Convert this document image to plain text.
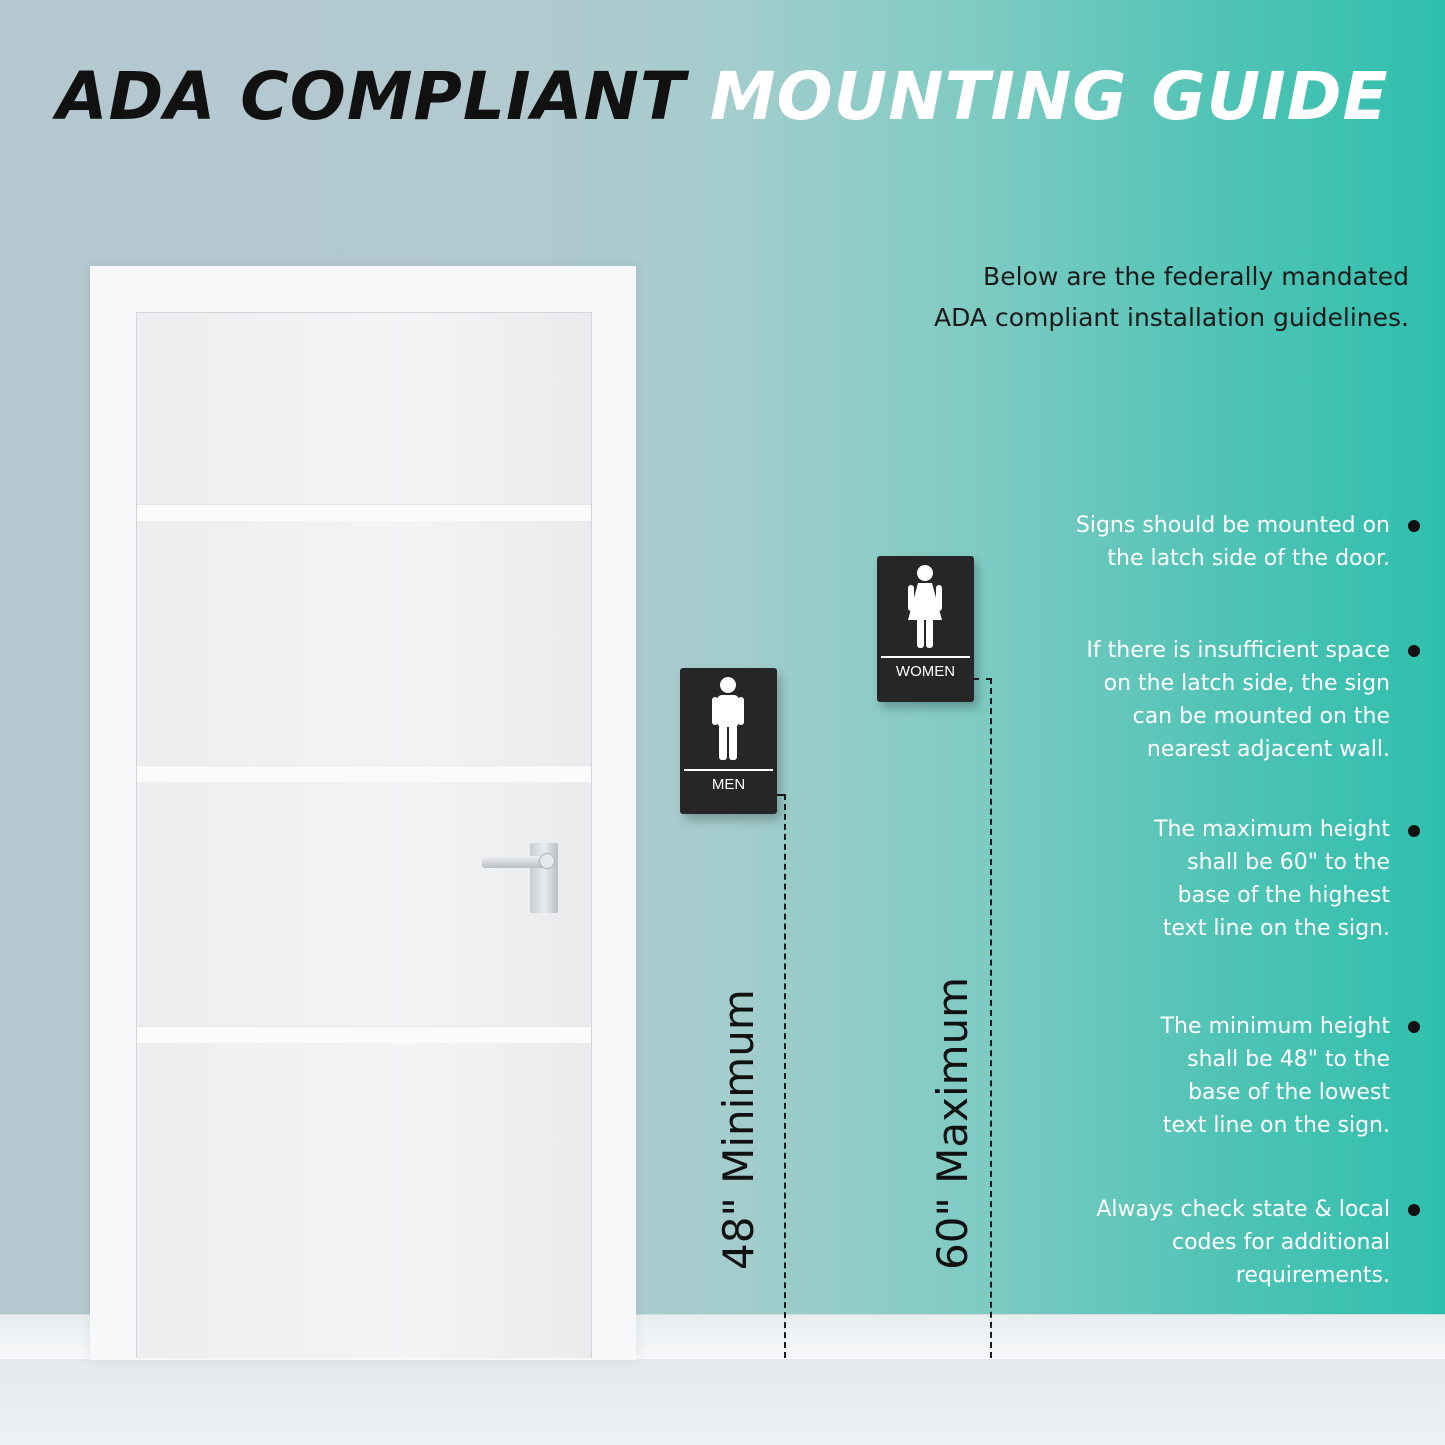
ADA COMPLIANT MOUNTING GUIDE
Below are the federally mandated
ADA compliant installation guidelines.
MEN
WOMEN
48" Minimum	60" Maximum
Signs should be mounted on
the latch side of the door.
If there is insufficient space
on the latch side, the sign
can be mounted on the
nearest adjacent wall.
The maximum height
shall be 60" to the
base of the highest
text line on the sign.
The minimum height
shall be 48" to the
base of the lowest
text line on the sign.
Always check state & local
codes for additional
requirements.
